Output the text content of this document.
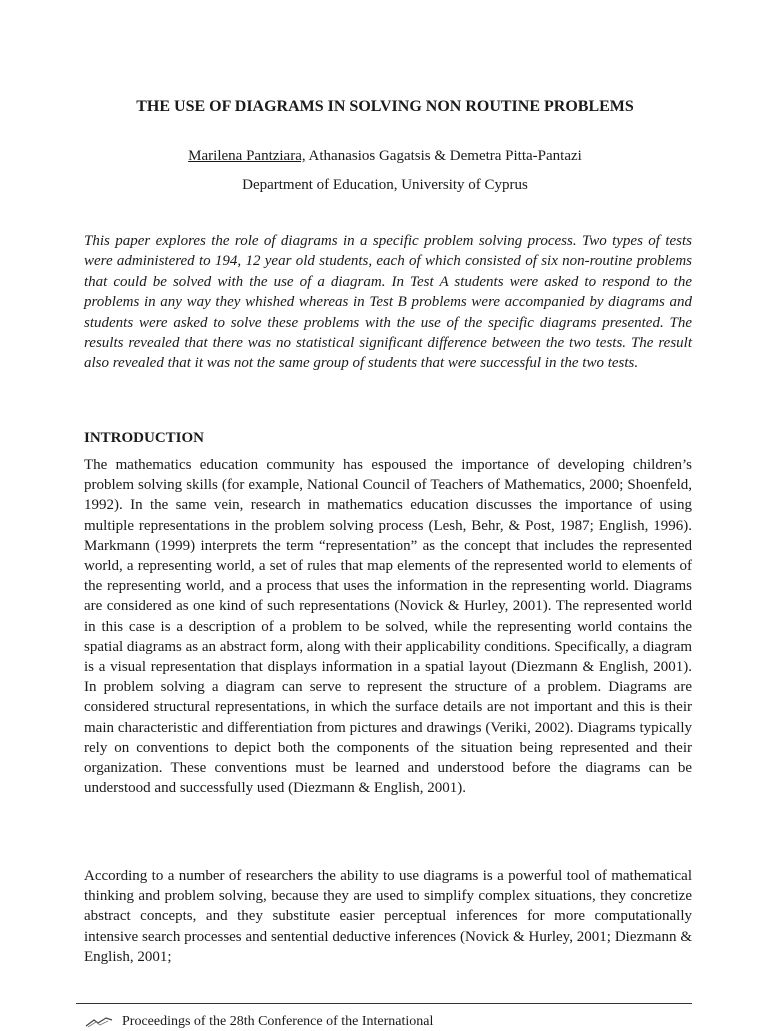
THE USE OF DIAGRAMS IN SOLVING NON ROUTINE PROBLEMS
Marilena Pantziara, Athanasios Gagatsis & Demetra Pitta-Pantazi
Department of Education, University of Cyprus

This paper explores the role of diagrams in a specific problem solving process. Two types of tests were administered to 194, 12 year old students, each of which consisted of six non-routine problems that could be solved with the use of a diagram. In Test A students were asked to respond to the problems in any way they whished whereas in Test B problems were accompanied by diagrams and students were asked to solve these problems with the use of the specific diagrams presented. The results revealed that there was no statistical significant difference between the two tests. The result also revealed that it was not the same group of students that were successful in the two tests.

INTRODUCTION

The mathematics education community has espoused the importance of developing children’s problem solving skills (for example, National Council of Teachers of Mathematics, 2000; Shoenfeld, 1992). In the same vein, research in mathematics education discusses the importance of using multiple representations in the problem solving process (Lesh, Behr, & Post, 1987; English, 1996). Markmann (1999) interprets the term “representation” as the concept that includes the represented world, a representing world, a set of rules that map elements of the represented world to elements of the representing world, and a process that uses the information in the representing world. Diagrams are considered as one kind of such representations (Novick & Hurley, 2001). The represented world in this case is a description of a problem to be solved, while the representing world contains the spatial diagrams as an abstract form, along with their applicability conditions. Specifically, a diagram is a visual representation that displays information in a spatial layout (Diezmann & English, 2001). In problem solving a diagram can serve to represent the structure of a problem. Diagrams are considered structural representations, in which the surface details are not important and this is their main characteristic and differentiation from pictures and drawings (Veriki, 2002). Diagrams typically rely on conventions to depict both the components of the situation being represented and their organization. These conventions must be learned and understood before the diagrams can be understood and successfully used (Diezmann & English, 2001).

According to a number of researchers the ability to use diagrams is a powerful tool of mathematical thinking and problem solving, because they are used to simplify complex situations, they concretize abstract concepts, and they substitute easier perceptual inferences for more computationally intensive search processes and sentential deductive inferences (Novick & Hurley, 2001; Diezmann & English, 2001;

Proceedings of the 28th Conference of the International
